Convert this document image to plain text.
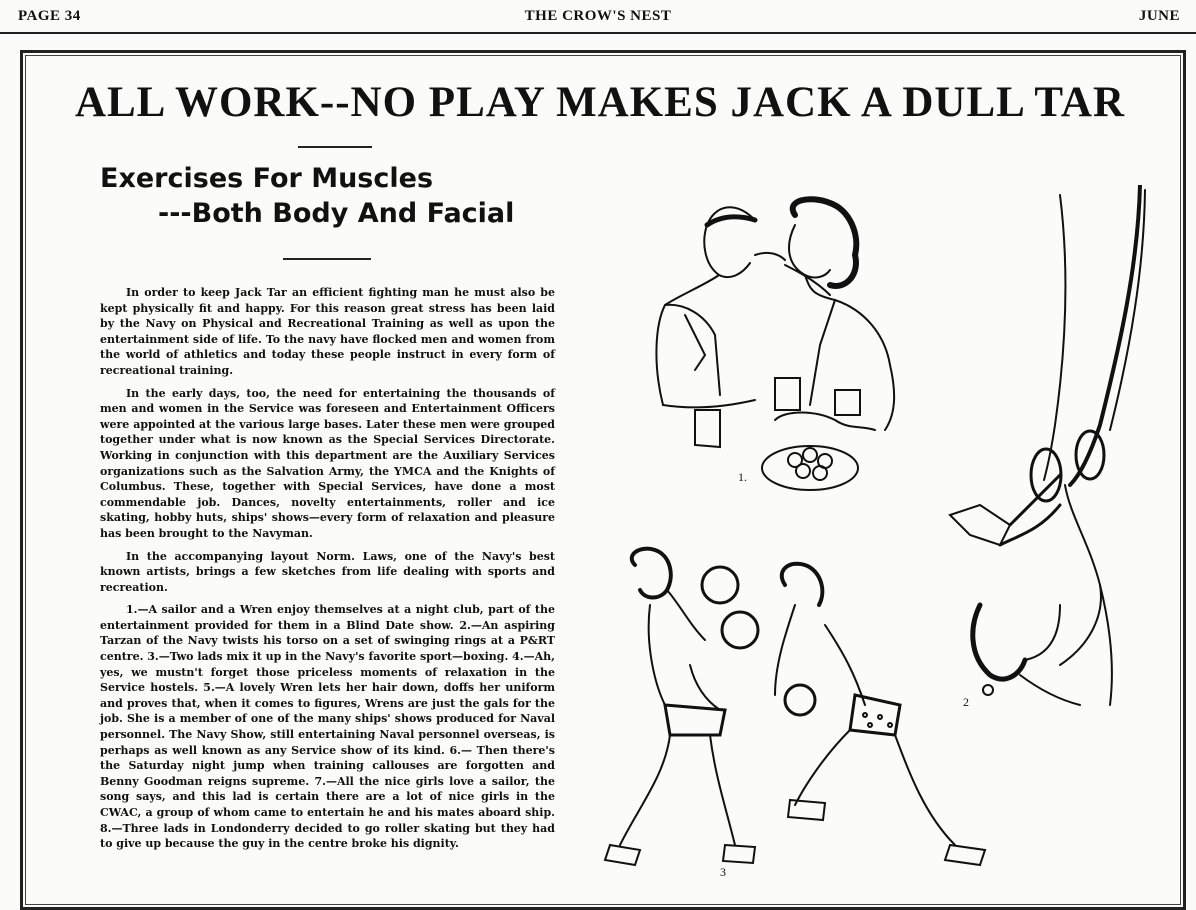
PAGE 34	THE CROW'S NEST	JUNE
ALL WORK--NO PLAY MAKES JACK A DULL TAR
Exercises For Muscles
---Both Body And Facial

In order to keep Jack Tar an efficient fighting man he must also be kept physically fit and happy. For this reason great stress has been laid by the Navy on Physical and Recreational Training as well as upon the entertainment side of life. To the navy have flocked men and women from the world of athletics and today these people instruct in every form of recreational training.

In the early days, too, the need for entertaining the thousands of men and women in the Service was foreseen and Entertainment Officers were appointed at the various large bases. Later these men were grouped together under what is now known as the Special Services Directorate. Working in conjunction with this department are the Auxiliary Services organizations such as the Salvation Army, the YMCA and the Knights of Columbus. These, together with Special Services, have done a most commendable job. Dances, novelty entertainments, roller and ice skating, hobby huts, ships' shows—every form of relaxation and pleasure has been brought to the Navyman.

In the accompanying layout Norm. Laws, one of the Navy's best known artists, brings a few sketches from life dealing with sports and recreation.

1.—A sailor and a Wren enjoy themselves at a night club, part of the entertainment provided for them in a Blind Date show. 2.—An aspiring Tarzan of the Navy twists his torso on a set of swinging rings at a P&RT centre. 3.—Two lads mix it up in the Navy's favorite sport—boxing. 4.—Ah, yes, we mustn't forget those priceless moments of relaxation in the Service hostels. 5.—A lovely Wren lets her hair down, doffs her uniform and proves that, when it comes to figures, Wrens are just the gals for the job. She is a member of one of the many ships' shows produced for Naval personnel. The Navy Show, still entertaining Naval personnel overseas, is perhaps as well known as any Service show of its kind. 6.— Then there's the Saturday night jump when training callouses are forgotten and Benny Goodman reigns supreme. 7.—All the nice girls love a sailor, the song says, and this lad is certain there are a lot of nice girls in the CWAC, a group of whom came to entertain he and his mates aboard ship. 8.—Three lads in Londonderry decided to go roller skating but they had to give up because the guy in the centre broke his dignity.

1.
2
3
